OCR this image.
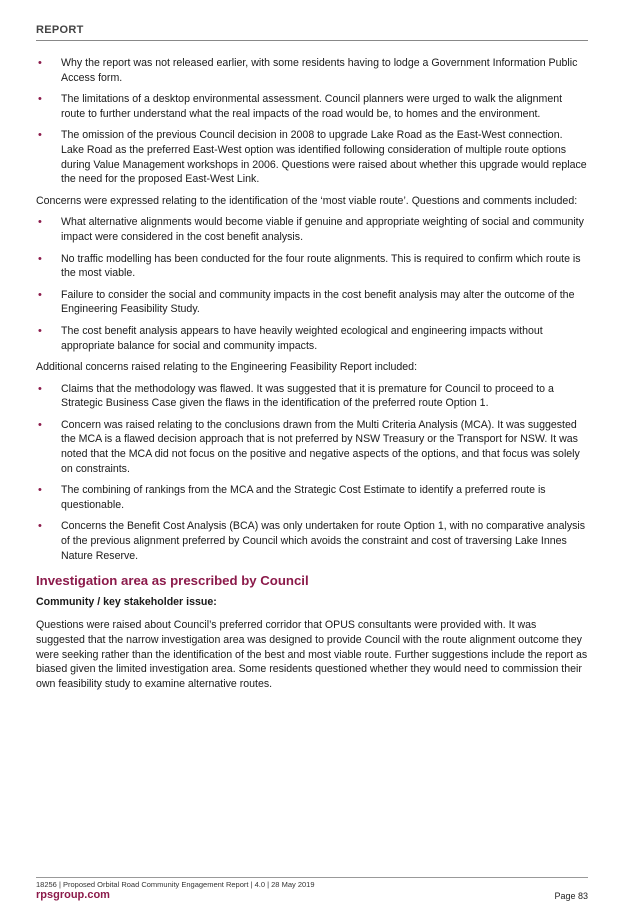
REPORT
• Why the report was not released earlier, with some residents having to lodge a Government Information Public Access form.
• The limitations of a desktop environmental assessment. Council planners were urged to walk the alignment route to further understand what the real impacts of the road would be, to homes and the environment.
• The omission of the previous Council decision in 2008 to upgrade Lake Road as the East-West connection. Lake Road as the preferred East-West option was identified following consideration of multiple route options during Value Management workshops in 2006. Questions were raised about whether this upgrade would replace the need for the proposed East-West Link.

Concerns were expressed relating to the identification of the ‘most viable route’. Questions and comments included:

• What alternative alignments would become viable if genuine and appropriate weighting of social and community impact were considered in the cost benefit analysis.
• No traffic modelling has been conducted for the four route alignments. This is required to confirm which route is the most viable.
• Failure to consider the social and community impacts in the cost benefit analysis may alter the outcome of the Engineering Feasibility Study.
• The cost benefit analysis appears to have heavily weighted ecological and engineering impacts without appropriate balance for social and community impacts.

Additional concerns raised relating to the Engineering Feasibility Report included:

• Claims that the methodology was flawed. It was suggested that it is premature for Council to proceed to a Strategic Business Case given the flaws in the identification of the preferred route Option 1.
• Concern was raised relating to the conclusions drawn from the Multi Criteria Analysis (MCA). It was suggested the MCA is a flawed decision approach that is not preferred by NSW Treasury or the Transport for NSW. It was noted that the MCA did not focus on the positive and negative aspects of the options, and that focus was solely on constraints.
• The combining of rankings from the MCA and the Strategic Cost Estimate to identify a preferred route is questionable.
• Concerns the Benefit Cost Analysis (BCA) was only undertaken for route Option 1, with no comparative analysis of the previous alignment preferred by Council which avoids the constraint and cost of traversing Lake Innes Nature Reserve.
Investigation area as prescribed by Council
Community / key stakeholder issue:

Questions were raised about Council’s preferred corridor that OPUS consultants were provided with. It was suggested that the narrow investigation area was designed to provide Council with the route alignment outcome they were seeking rather than the identification of the best and most viable route. Further suggestions include the report as biased given the limited investigation area. Some residents questioned whether they would need to commission their own feasibility study to examine alternative routes.

18256 | Proposed Orbital Road Community Engagement Report | 4.0 | 28 May 2019
rpsgroup.com	Page 83
